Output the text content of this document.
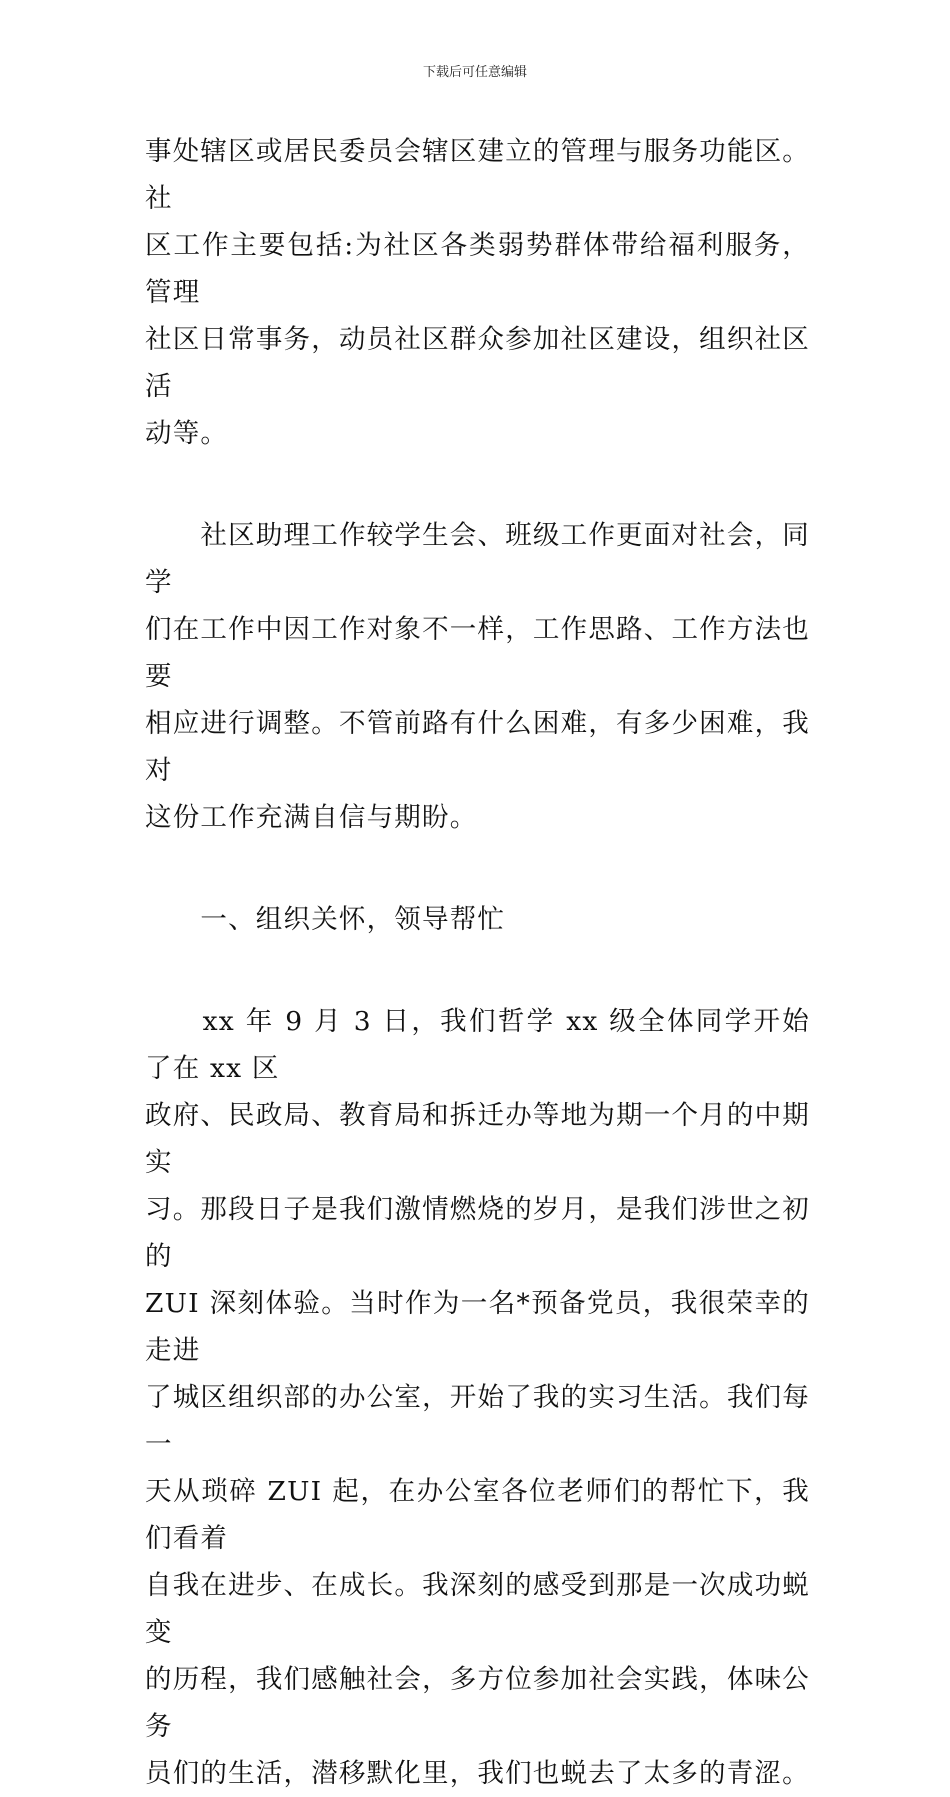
下载后可任意编辑
事处辖区或居民委员会辖区建立的管理与服务功能区。社
区工作主要包括:为社区各类弱势群体带给福利服务，管理
社区日常事务，动员社区群众参加社区建设，组织社区活
动等。
　　社区助理工作较学生会、班级工作更面对社会，同学
们在工作中因工作对象不一样，工作思路、工作方法也要
相应进行调整。不管前路有什么困难，有多少困难，我对
这份工作充满自信与期盼。
　　一、组织关怀，领导帮忙
　　xx 年 9 月 3 日，我们哲学 xx 级全体同学开始了在 xx 区
政府、民政局、教育局和拆迁办等地为期一个月的中期实
习。那段日子是我们激情燃烧的岁月，是我们涉世之初的
ZUI 深刻体验。当时作为一名*预备党员，我很荣幸的走进
了城区组织部的办公室，开始了我的实习生活。我们每一
天从琐碎 ZUI 起，在办公室各位老师们的帮忙下，我们看着
自我在进步、在成长。我深刻的感受到那是一次成功蜕变
的历程，我们感触社会，多方位参加社会实践，体味公务
员们的生活，潜移默化里，我们也蜕去了太多的青涩。
